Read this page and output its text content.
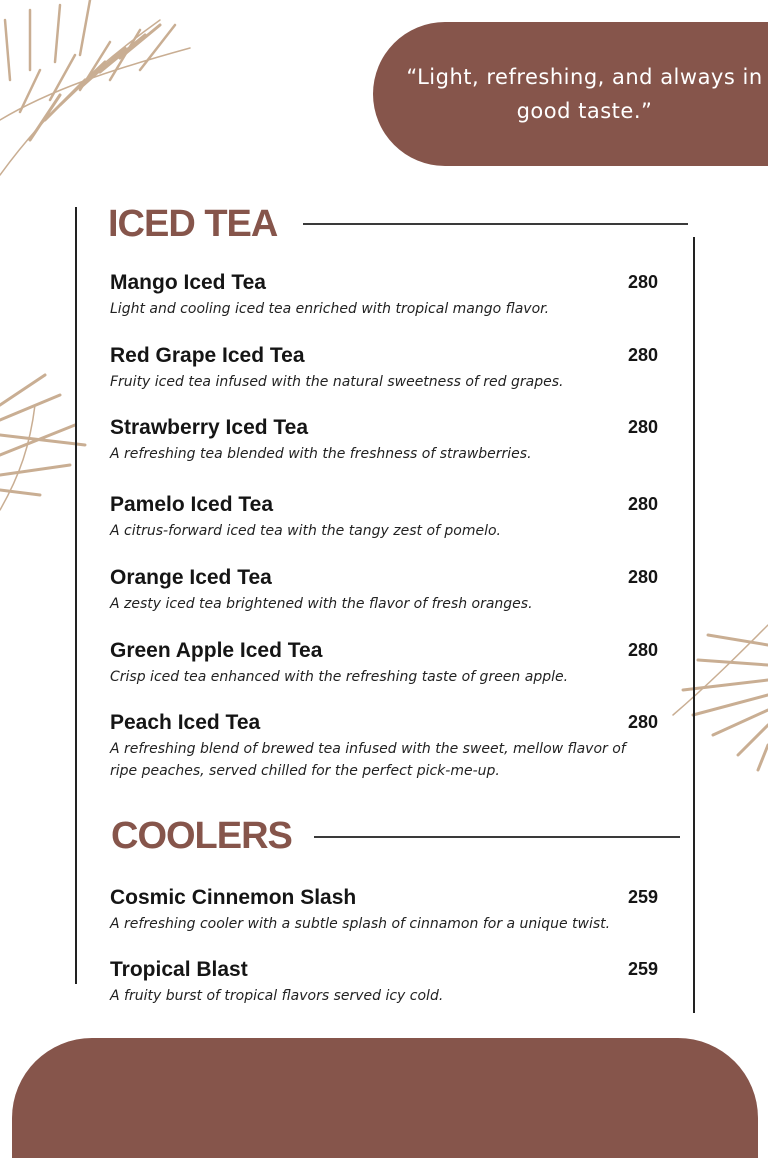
“Light, refreshing, and always in good taste.”
ICED TEA
Mango Iced Tea	280
Light and cooling iced tea enriched with tropical mango flavor.
Red Grape Iced Tea	280
Fruity iced tea infused with the natural sweetness of red grapes.
Strawberry Iced Tea	280
A refreshing tea blended with the freshness of strawberries.
Pamelo Iced Tea	280
A citrus-forward iced tea with the tangy zest of pomelo.
Orange Iced Tea	280
A zesty iced tea brightened with the flavor of fresh oranges.
Green Apple Iced Tea	280
Crisp iced tea enhanced with the refreshing taste of green apple.
Peach Iced Tea	280
A refreshing blend of brewed tea infused with the sweet, mellow flavor of ripe peaches, served chilled for the perfect pick-me-up.
COOLERS
Cosmic Cinnemon Slash	259
A refreshing cooler with a subtle splash of cinnamon for a unique twist.
Tropical Blast	259
A fruity burst of tropical flavors served icy cold.
